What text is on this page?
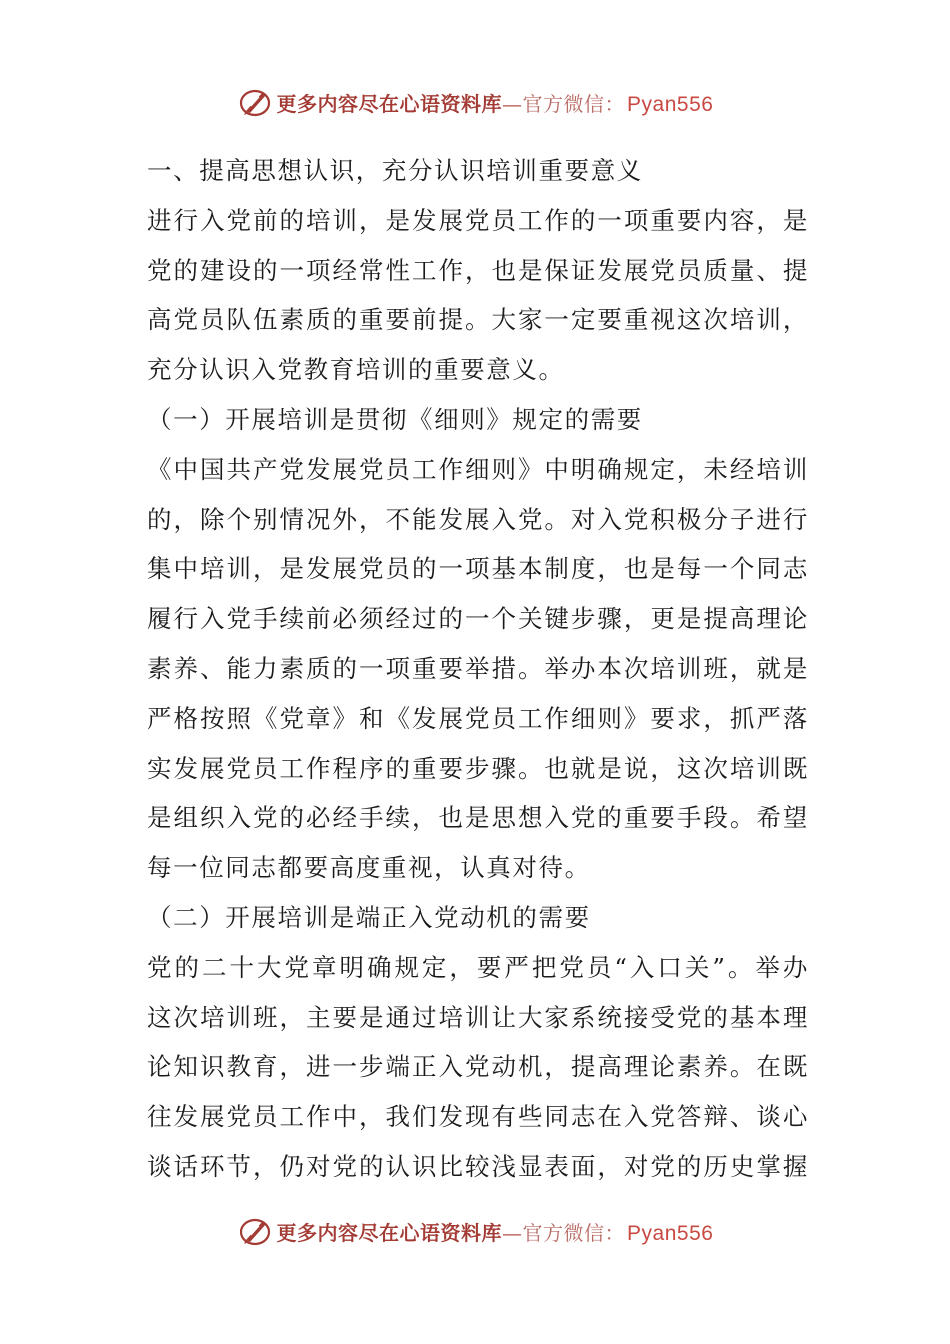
更多内容尽在心语资料库—官方微信：Pyan556
一、提高思想认识，充分认识培训重要意义
进行入党前的培训，是发展党员工作的一项重要内容，是
党的建设的一项经常性工作，也是保证发展党员质量、提
高党员队伍素质的重要前提。大家一定要重视这次培训，
充分认识入党教育培训的重要意义。
（一）开展培训是贯彻《细则》规定的需要
《中国共产党发展党员工作细则》中明确规定，未经培训
的，除个别情况外，不能发展入党。对入党积极分子进行
集中培训，是发展党员的一项基本制度，也是每一个同志
履行入党手续前必须经过的一个关键步骤，更是提高理论
素养、能力素质的一项重要举措。举办本次培训班，就是
严格按照《党章》和《发展党员工作细则》要求，抓严落
实发展党员工作程序的重要步骤。也就是说，这次培训既
是组织入党的必经手续，也是思想入党的重要手段。希望
每一位同志都要高度重视，认真对待。
（二）开展培训是端正入党动机的需要
党的二十大党章明确规定，要严把党员“入口关”。举办
这次培训班，主要是通过培训让大家系统接受党的基本理
论知识教育，进一步端正入党动机，提高理论素养。在既
往发展党员工作中，我们发现有些同志在入党答辩、谈心
谈话环节，仍对党的认识比较浅显表面，对党的历史掌握
更多内容尽在心语资料库—官方微信：Pyan556
